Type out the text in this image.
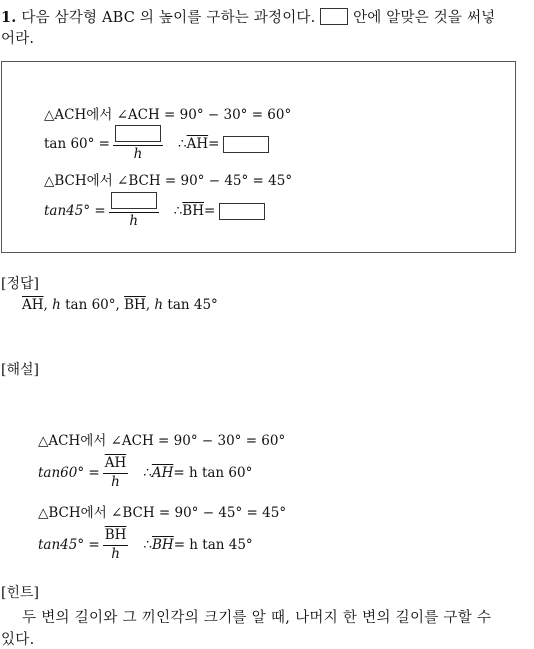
1. 다음 삼각형 ABC 의 높이를 구하는 과정이다.	안에 알맞은 것을 써넣
어라.
△ACH에서 ∠ACH = 90° − 30° = 60°
tan 60° =
h
∴ $\overline{AH}$ =
△BCH에서 ∠BCH = 90° − 45° = 45°
tan45° =
h
∴ $\overline{BH}$ =
[정답]
$\overline{AH}$, h tan 60°, $\overline{BH}$, h tan 45°
[해설]
△ACH에서 ∠ACH = 90° − 30° = 60°
$\tan 60^\circ = \frac{\overline{AH}}{h}$ ∴ $\overline{AH} = h$ tan 60°
△BCH에서 ∠BCH = 90° − 45° = 45°
$\tan 45^\circ = \frac{\overline{BH}}{h}$ ∴ $\overline{BH} = h$ tan 45°
[힌트]
두 변의 길이와 그 끼인각의 크기를 알 때, 나머지 한 변의 길이를 구할 수
있다.
